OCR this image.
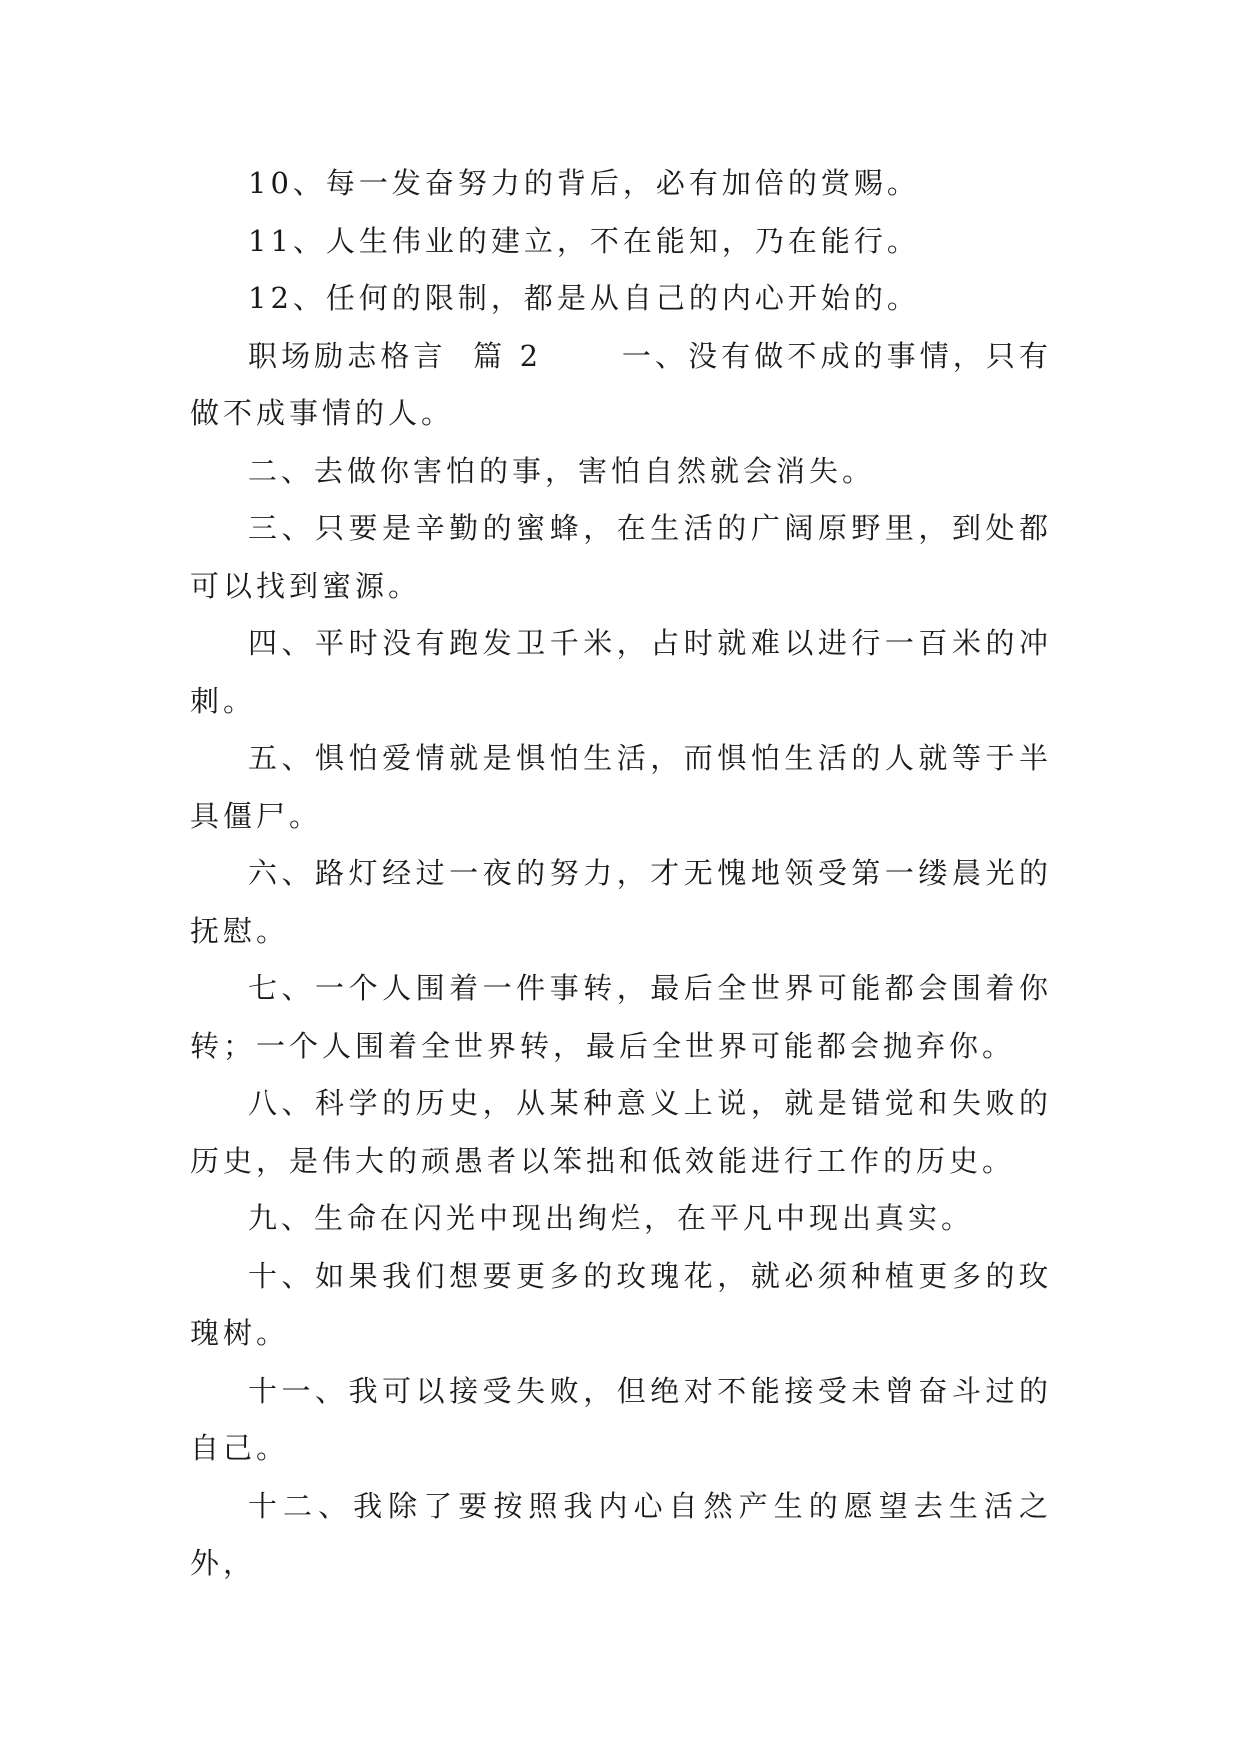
10、每一发奋努力的背后，必有加倍的赏赐。

11、人生伟业的建立，不在能知，乃在能行。

12、任何的限制，都是从自己的内心开始的。

职场励志格言  篇 2      一、没有做不成的事情，只有做不成事情的人。

二、去做你害怕的事，害怕自然就会消失。

三、只要是辛勤的蜜蜂，在生活的广阔原野里，到处都可以找到蜜源。

四、平时没有跑发卫千米，占时就难以进行一百米的冲刺。

五、惧怕爱情就是惧怕生活，而惧怕生活的人就等于半具僵尸。

六、路灯经过一夜的努力，才无愧地领受第一缕晨光的抚慰。

七、一个人围着一件事转，最后全世界可能都会围着你转；一个人围着全世界转，最后全世界可能都会抛弃你。

八、科学的历史，从某种意义上说，就是错觉和失败的历史，是伟大的顽愚者以笨拙和低效能进行工作的历史。

九、生命在闪光中现出绚烂，在平凡中现出真实。

十、如果我们想要更多的玫瑰花，就必须种植更多的玫瑰树。

十一、我可以接受失败，但绝对不能接受未曾奋斗过的自己。

十二、我除了要按照我内心自然产生的愿望去生活之外，
